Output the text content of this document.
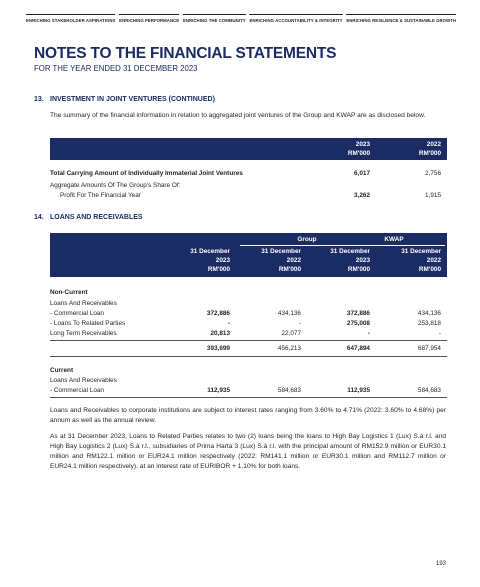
ENRICHING STAKEHOLDER ASPIRATIONS ENRICHING PERFORMANCE ENRICHING THE COMMUNITY ENRICHING ACCOUNTABILITY & INTEGRITY ENRICHING RESILIENCE & SUSTAINABLE GROWTH
NOTES TO THE FINANCIAL STATEMENTS
FOR THE YEAR ENDED 31 DECEMBER 2023
13. INVESTMENT IN JOINT VENTURES (CONTINUED)
The summary of the financial information in relation to aggregated joint ventures of the Group and KWAP are as disclosed below.
2023	2022
RM'000	RM'000
Total Carrying Amount of Individually Immaterial Joint Ventures	6,017	2,756
Aggregate Amounts Of The Group's Share Of:
Profit For The Financial Year	3,262	1,915
14. LOANS AND RECEIVABLES
Group	KWAP
31 December	31 December	31 December	31 December
2023	2022	2023	2022
RM'000	RM'000	RM'000	RM'000
Non-Current
Loans And Receivables
- Commercial Loan	372,886	434,136	372,886	434,136
- Loans To Related Parties	-	-	275,008	253,818
Long Term Receivables	20,813	22,077	-	-
393,699	456,213	647,894	687,954
Current
Loans And Receivables
- Commercial Loan	112,935	584,683	112,935	584,683
Loans and Receivables to corporate institutions are subject to interest rates ranging from 3.60% to 4.71% (2022: 3.60% to 4.68%) per annum as well as the annual review.
As at 31 December 2023, Loans to Related Parties relates to two (2) loans being the loans to High Bay Logistics 1 (Lux) S.à r.l. and High Bay Logistics 2 (Lux) S.à r.l., subsidiaries of Prima Harta 3 (Lux) S.à r.l. with the principal amount of RM152.9 million or EUR30.1 million and RM122.1 million or EUR24.1 million respectively (2022: RM141.1 million or EUR30.1 million and RM112.7 million or EUR24.1 million respectively), at an interest rate of EURIBOR + 1.10% for both loans.
193
